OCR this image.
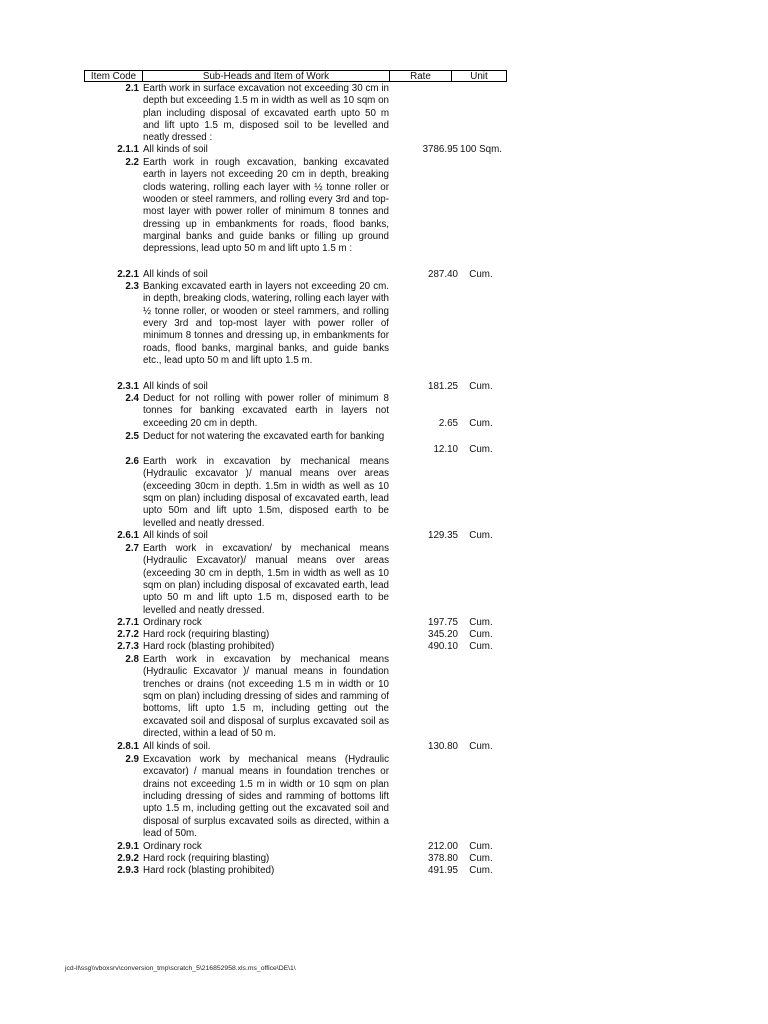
Item Code	Sub-Heads and Item of Work	Rate	Unit
2.1 Earth work in surface excavation not exceeding 30 cm in depth but exceeding 1.5 m in width as well as 10 sqm on plan including disposal of excavated earth upto 50 m and lift upto 1.5 m, disposed soil to be levelled and neatly dressed :
2.1.1 All kinds of soil	3786.95 100 Sqm.
2.2 Earth work in rough excavation, banking excavated earth in layers not exceeding 20 cm in depth, breaking clods watering, rolling each layer with ½ tonne roller or wooden or steel rammers, and rolling every 3rd and top-most layer with power roller of minimum 8 tonnes and dressing up in embankments for roads, flood banks, marginal banks and guide banks or filling up ground depressions, lead upto 50 m and lift upto 1.5 m :
2.2.1 All kinds of soil	287.40	Cum.
2.3 Banking excavated earth in layers not exceeding 20 cm. in depth, breaking clods, watering, rolling each layer with ½ tonne roller, or wooden or steel rammers, and rolling every 3rd and top-most layer with power roller of minimum 8 tonnes and dressing up, in embankments for roads, flood banks, marginal banks, and guide banks etc., lead upto 50 m and lift upto 1.5 m.
2.3.1 All kinds of soil	181.25	Cum.
2.4 Deduct for not rolling with power roller of minimum 8 tonnes for banking excavated earth in layers not exceeding 20 cm in depth.	2.65	Cum.
2.5 Deduct for not watering the excavated earth for banking
12.10	Cum.
2.6 Earth work in excavation by mechanical means (Hydraulic excavator )/ manual means over areas (exceeding 30cm in depth. 1.5m in width as well as 10 sqm on plan) including disposal of excavated earth, lead upto 50m and lift upto 1.5m, disposed earth to be levelled and neatly dressed.
2.6.1 All kinds of soil	129.35	Cum.
2.7 Earth work in excavation/ by mechanical means (Hydraulic Excavator)/ manual means over areas (exceeding 30 cm in depth, 1.5m in width as well as 10 sqm on plan) including disposal of excavated earth, lead upto 50 m and lift upto 1.5 m, disposed earth to be levelled and neatly dressed.
2.7.1 Ordinary rock	197.75	Cum.
2.7.2 Hard rock (requiring blasting)	345.20	Cum.
2.7.3 Hard rock (blasting prohibited)	490.10	Cum.
2.8 Earth work in excavation by mechanical means (Hydraulic Excavator )/ manual means in foundation trenches or drains (not exceeding 1.5 m in width or 10 sqm on plan) including dressing of sides and ramming of bottoms, lift upto 1.5 m, including getting out the excavated soil and disposal of surplus excavated soil as directed, within a lead of 50 m.
2.8.1 All kinds of soil.	130.80	Cum.
2.9 Excavation work by mechanical means (Hydraulic excavator) / manual means in foundation trenches or drains not exceeding 1.5 m in width or 10 sqm on plan including dressing of sides and ramming of bottoms lift upto 1.5 m, including getting out the excavated soil and disposal of surplus excavated soils as directed, within a lead of 50m.
2.9.1 Ordinary rock	212.00	Cum.
2.9.2 Hard rock (requiring blasting)	378.80	Cum.
2.9.3 Hard rock (blasting prohibited)	491.95	Cum.
jcd-ll\ssg\\vboxsrv\conversion_tmp\scratch_5\216852958.xls.ms_office\DE\1\
